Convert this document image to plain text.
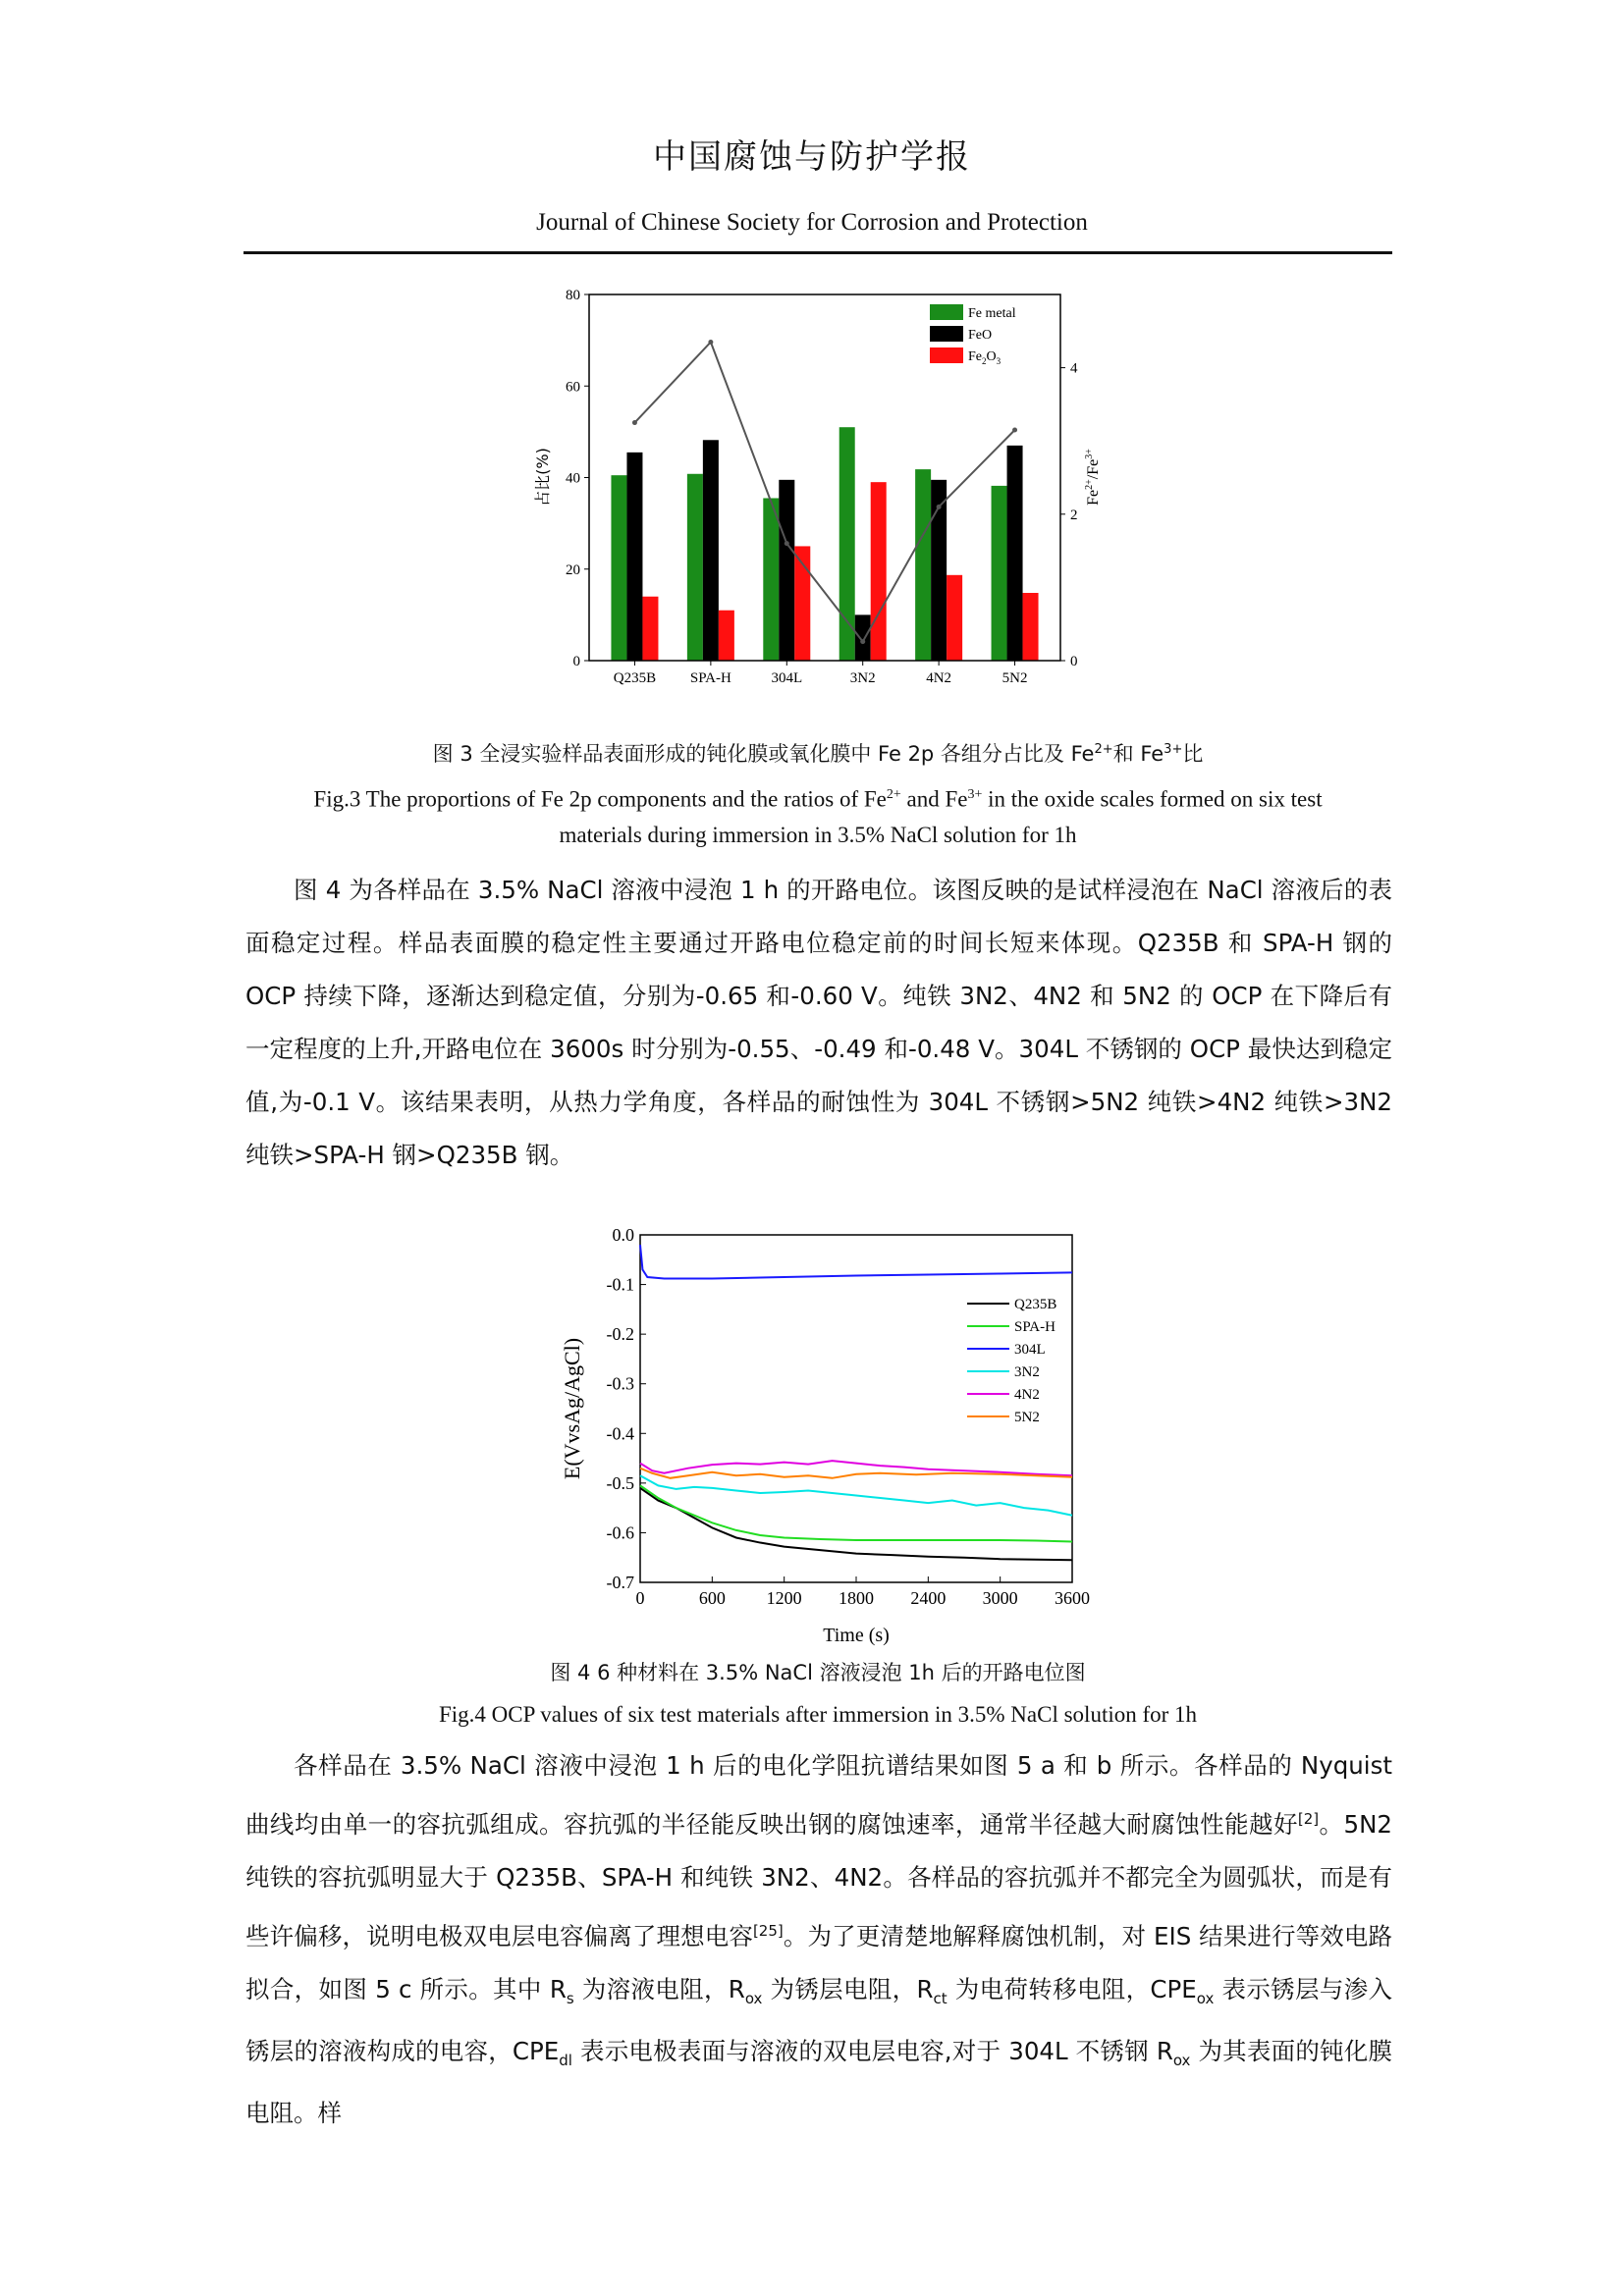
中国腐蚀与防护学报
Journal of Chinese Society for Corrosion and Protection
0
20
40
60
80
0
2
4
Q235B SPA-H	304L	3N2	4N2	5N2
占比(%)	$Fe^{2+}/Fe^{3+}$
Fe metal
FeO
$Fe_2O_3$
图 3 全浸实验样品表面形成的钝化膜或氧化膜中 Fe 2p 各组分占比及 $Fe^{2+}$和 $Fe^{3+}$比
Fig.3 The proportions of Fe 2p components and the ratios of $Fe^{2+}$ and $Fe^{3+}$ in the oxide scales formed on six test
materials during immersion in 3.5% NaCl solution for 1h

图 4 为各样品在 3.5% NaCl 溶液中浸泡 1 h 的开路电位。该图反映的是试样浸泡在 NaCl 溶液后的表面稳定过程。样品表面膜的稳定性主要通过开路电位稳定前的时间长短来体现。Q235B 和 SPA-H 钢的 OCP 持续下降，逐渐达到稳定值，分别为-0.65 和-0.60 V。纯铁 3N2、4N2 和 5N2 的 OCP 在下降后有一定程度的上升,开路电位在 3600s 时分别为-0.55、-0.49 和-0.48 V。304L 不锈钢的 OCP 最快达到稳定值,为-0.1 V。该结果表明，从热力学角度，各样品的耐蚀性为 304L 不锈钢>5N2 纯铁>4N2 纯铁>3N2 纯铁>SPA-H 钢>Q235B 钢。

0.0
-0.1
-0.2
-0.3
-0.4
-0.5
-0.6
-0.7
0	600 1200 1800 2400 3000 3600
Time (s)
E(VvsAg/AgCl)
Q235B
SPA-H
304L
3N2
4N2
5N2
图 4 6 种材料在 3.5% NaCl 溶液浸泡 1h 后的开路电位图
Fig.4 OCP values of six test materials after immersion in 3.5% NaCl solution for 1h

各样品在 3.5% NaCl 溶液中浸泡 1 h 后的电化学阻抗谱结果如图 5 a 和 b 所示。各样品的 Nyquist 曲线均由单一的容抗弧组成。容抗弧的半径能反映出钢的腐蚀速率，通常半径越大耐腐蚀性能越好[2]。5N2 纯铁的容抗弧明显大于 Q235B、SPA-H 和纯铁 3N2、4N2。各样品的容抗弧并不都完全为圆弧状，而是有些许偏移，说明电极双电层电容偏离了理想电容[25]。为了更清楚地解释腐蚀机制，对 EIS 结果进行等效电路拟合，如图 5 c 所示。其中 $R_s$ 为溶液电阻，$R_{ox}$ 为锈层电阻，$R_{ct}$ 为电荷转移电阻，$CPE_{ox}$ 表示锈层与渗入锈层的溶液构成的电容，$CPE_{dl}$ 表示电极表面与溶液的双电层电容,对于 304L 不锈钢 $R_{ox}$ 为其表面的钝化膜电阻。样
